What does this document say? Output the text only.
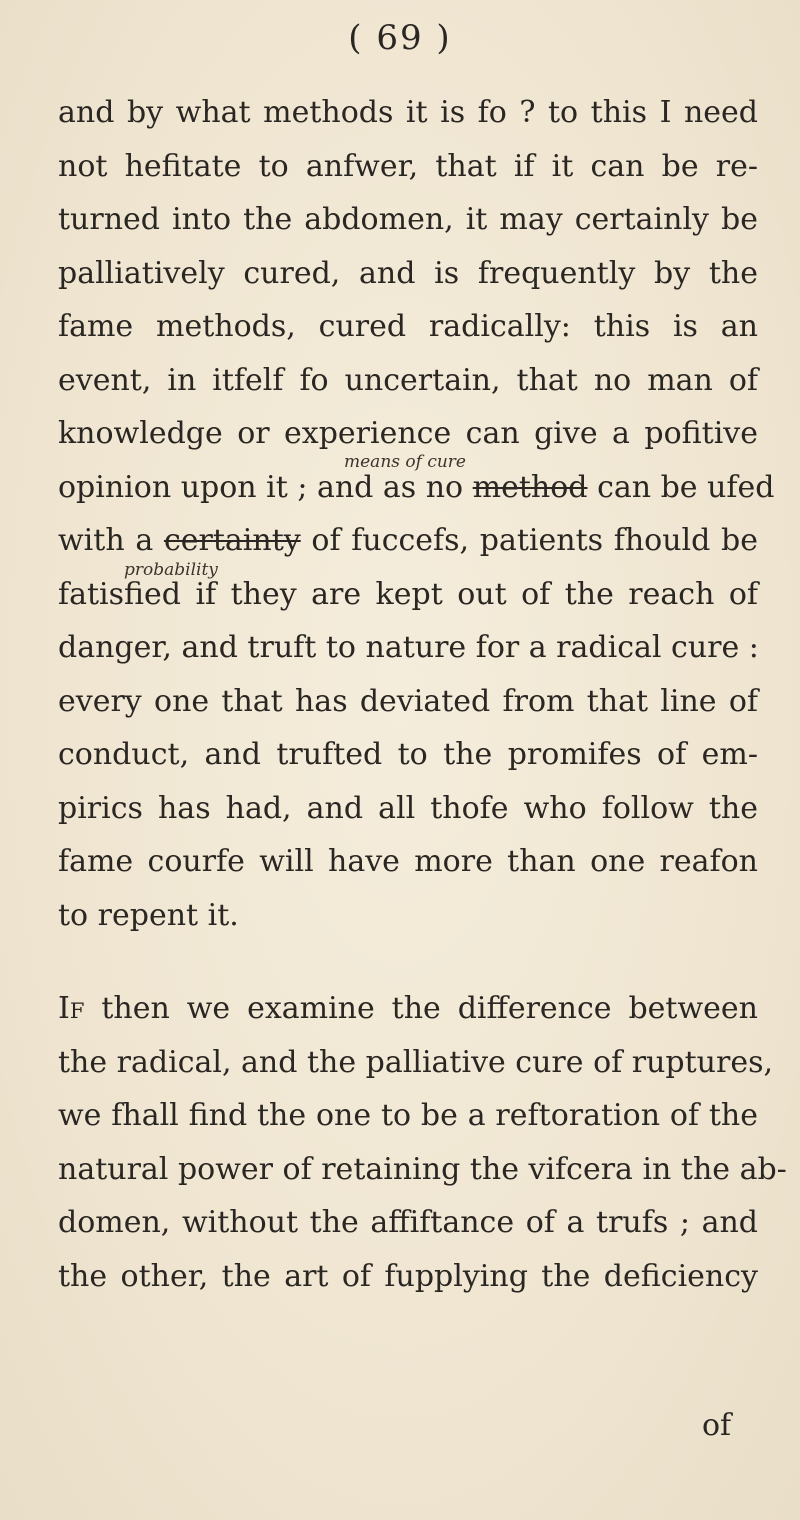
( 69 )
means of cure
probability
and by what methods it is fo ? to this I need
not hefitate to anfwer, that if it can be re-
turned into the abdomen, it may certainly be
palliatively cured, and is frequently by the
fame methods, cured radically: this is an
event, in itfelf fo uncertain, that no man of
knowledge or experience can give a pofitive
opinion upon it ; and as no method can be ufed
with a certainty of fuccefs, patients fhould be
fatisfied if they are kept out of the reach of
danger, and truft to nature for a radical cure :
every one that has deviated from that line of
conduct, and trufted to the promifes of em-
pirics has had, and all thofe who follow the
fame courfe will have more than one reafon
to repent it.
If then we examine the difference between
the radical, and the palliative cure of ruptures,
we fhall find the one to be a reftoration of the
natural power of retaining the vifcera in the ab-
domen, without the affiftance of a trufs ; and
the other, the art of fupplying the deficiency
of
